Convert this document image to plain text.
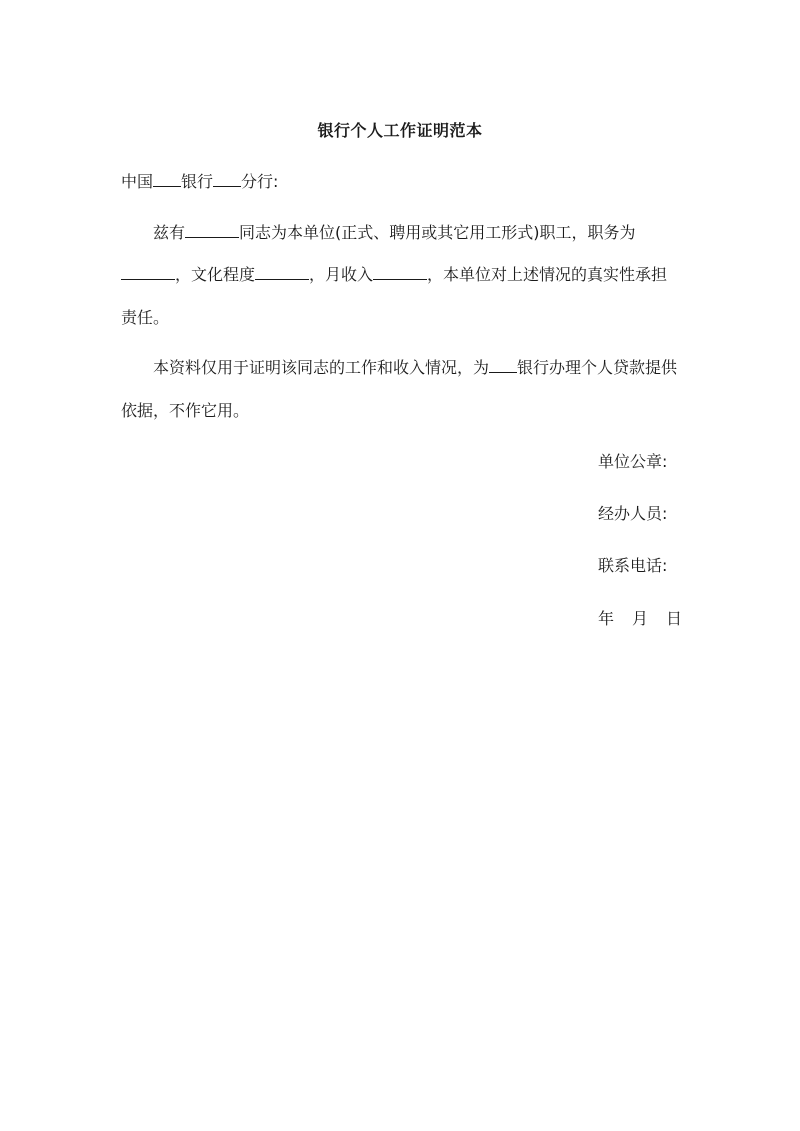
银行个人工作证明范本
中国 银行 分行:
兹有	同志为本单位(正式、聘用或其它用工形式)职工，职务为
，文化程度	，月收入	，本单位对上述情况的真实性承担
责任。
本资料仅用于证明该同志的工作和收入情况，为 银行办理个人贷款提供
依据，不作它用。
单位公章:
经办人员:
联系电话:
年 月 日
